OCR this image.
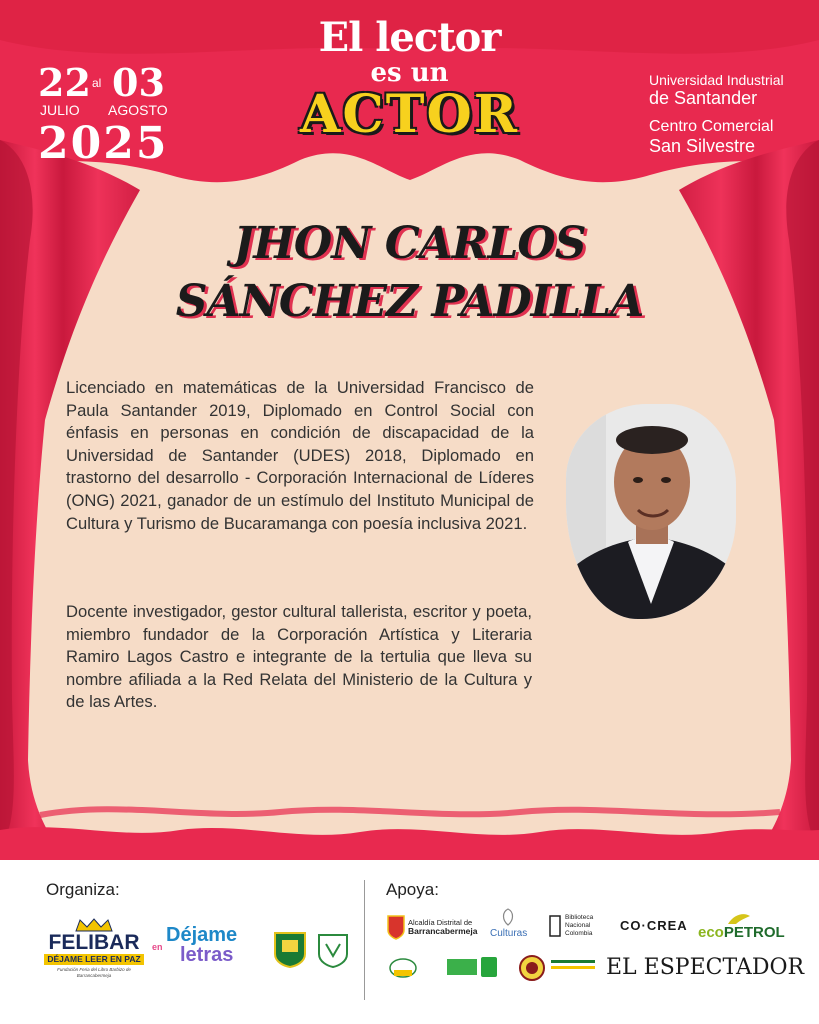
El lector
es un
ACTOR
22 al 03
JULIO AGOSTO
2025
Universidad Industrial
de Santander
Centro Comercial
San Silvestre
JHON CARLOS
SÁNCHEZ PADILLA

Licenciado en matemáticas de la Universidad Francisco de Paula Santander 2019, Diplomado en Control Social con énfasis en personas en condición de discapacidad de la Universidad de Santander (UDES) 2018, Diplomado en trastorno del desarrollo - Corporación Internacional de Líderes (ONG) 2021, ganador de un estímulo del Instituto Municipal de Cultura y Turismo de Bucaramanga con poesía inclusiva 2021.

Docente investigador, gestor cultural tallerista, escritor y poeta, miembro fundador de la Corporación Artística y Literaria Ramiro Lagos Castro e integrante de la tertulia que lleva su nombre afiliada a la Red Relata del Ministerio de la Cultura y de las Artes.

Organiza:	Apoya:
FELIBAR
DÉJAME LEER EN PAZ
Fundación Feria del Libro Barbizo de Barrancabermeja
Déjame
en letras
Alcaldía Distrital de
Barrancabermeja Culturas
Biblioteca
Nacional
Colombia
CO·CREA ecoPETROL
EL ESPECTADOR
